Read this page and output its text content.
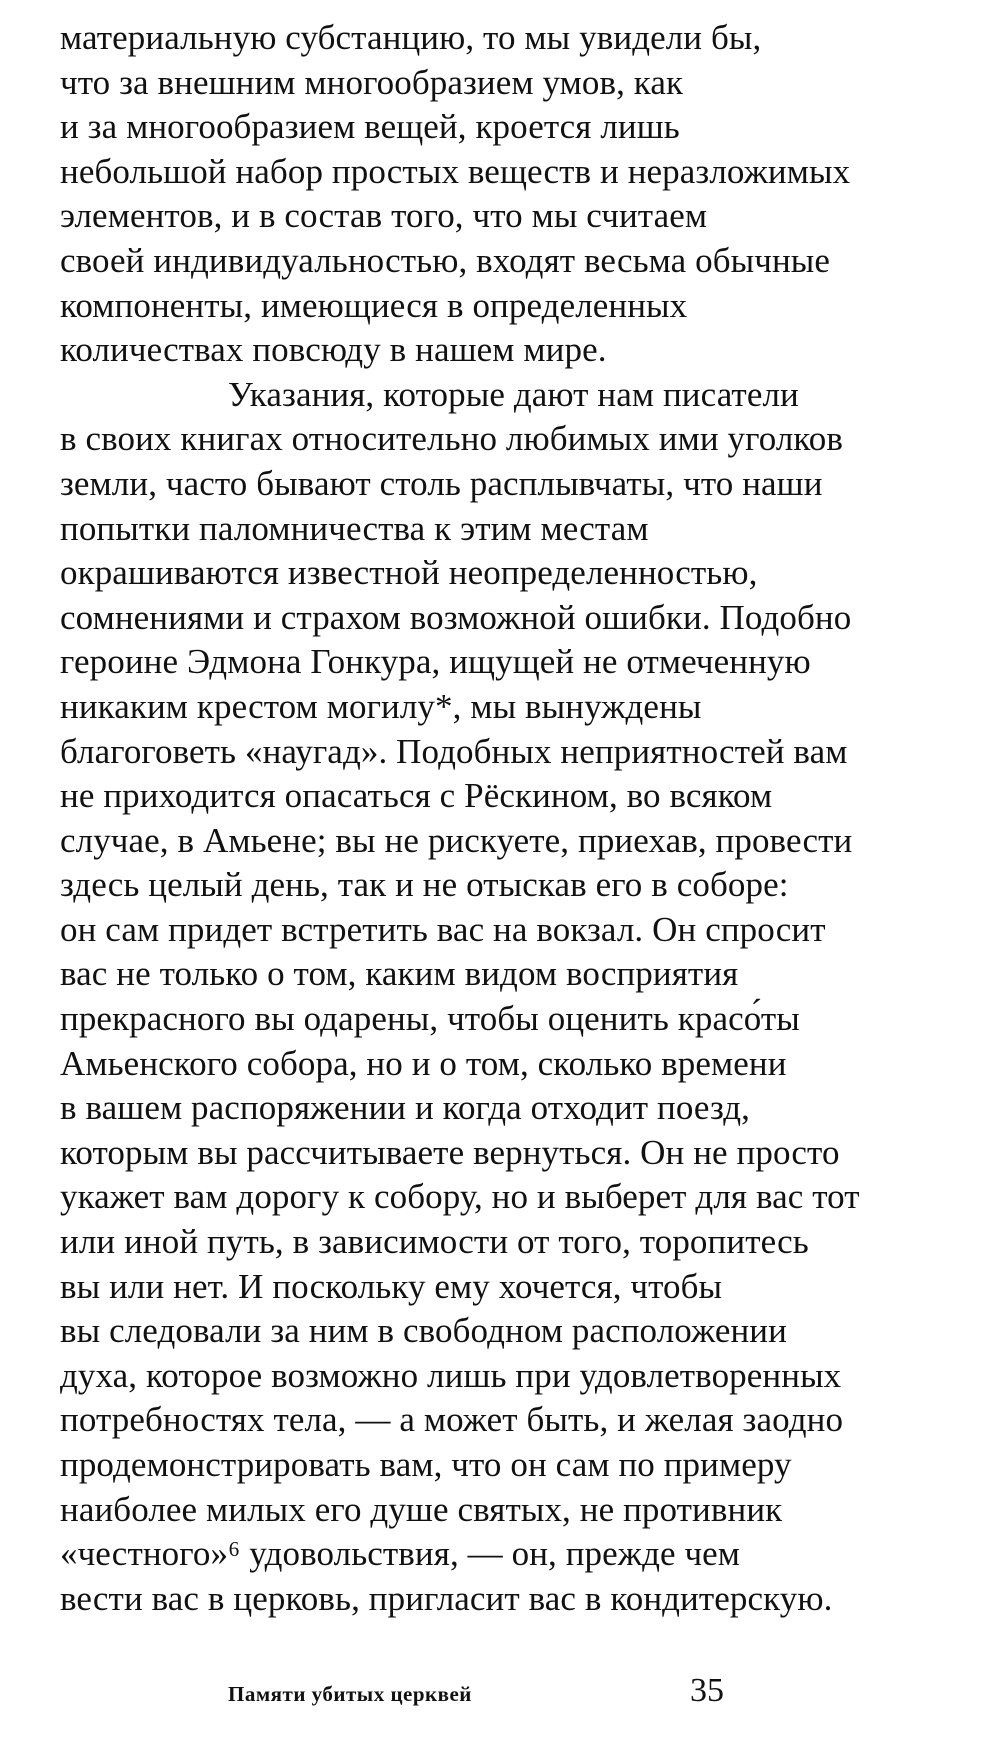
материальную субстанцию, то мы увидели бы,
что за внешним многообразием умов, как
и за многообразием вещей, кроется лишь
небольшой набор простых веществ и неразложимых
элементов, и в состав того, что мы считаем
своей индивидуальностью, входят весьма обычные
компоненты, имеющиеся в определенных
количествах повсюду в нашем мире.
Указания, которые дают нам писатели
в своих книгах относительно любимых ими уголков
земли, часто бывают столь расплывчаты, что наши
попытки паломничества к этим местам
окрашиваются известной неопределенностью,
сомнениями и страхом возможной ошибки. Подобно
героине Эдмона Гонкура, ищущей не отмеченную
никаким крестом могилу*, мы вынуждены
благоговеть «наугад». Подобных неприятностей вам
не приходится опасаться с Рёскином, во всяком
случае, в Амьене; вы не рискуете, приехав, провести
здесь целый день, так и не отыскав его в соборе:
он сам придет встретить вас на вокзал. Он спросит
вас не только о том, каким видом восприятия
прекрасного вы одарены, чтобы оценить красо́ты
Амьенского собора, но и о том, сколько времени
в вашем распоряжении и когда отходит поезд,
которым вы рассчитываете вернуться. Он не просто
укажет вам дорогу к собору, но и выберет для вас тот
или иной путь, в зависимости от того, торопитесь
вы или нет. И поскольку ему хочется, чтобы
вы следовали за ним в свободном расположении
духа, которое возможно лишь при удовлетворенных
потребностях тела, — а может быть, и желая заодно
продемонстрировать вам, что он сам по примеру
наиболее милых его душе святых, не противник
«честного»⁶ удовольствия, — он, прежде чем
вести вас в церковь, пригласит вас в кондитерскую.
Памяти убитых церквей	35
